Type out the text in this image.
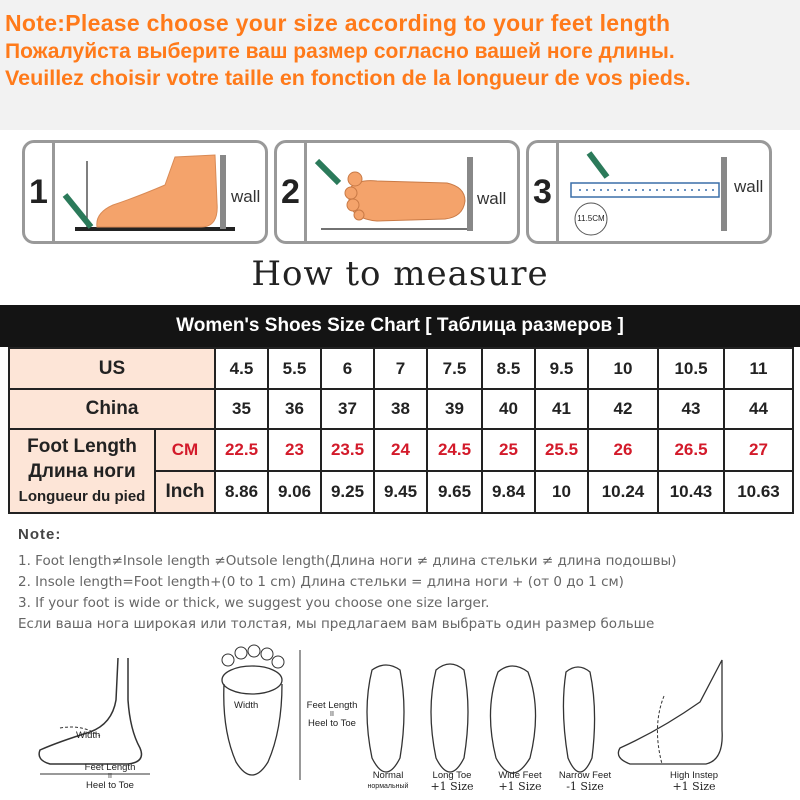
Note:Please choose your size according to your feet length
Пожалуйста выберите ваш размер согласно вашей ноге длины.
Veuillez choisir votre taille en fonction de la longueur de vos pieds.
1	wall 2	wall 3	wall
11.5CM
How to measure
Women's Shoes Size Chart [ Таблица размеров ]
US		4.5	5.5	6	7	7.5	8.5	9.5	10	10.5	11
China		35	36	37	38	39	40	41	42	43	44

Foot Length
Длина ноги
Longueur du pied	CM	22.5	23	23.5	24	24.5	25	25.5	26	26.5	27
	Inch	8.86	9.06	9.25	9.45	9.65	9.84	10	10.24	10.43	10.63
Note:
1. Foot length≠Insole length ≠Outsole length(Длина ноги ≠ длина стельки ≠ длина подошвы)
2. Insole length=Foot length+(0 to 1 cm) Длина стельки = длина ноги + (от 0 до 1 см)
3. If your foot is wide or thick, we suggest you choose one size larger.
Если ваша нога широкая или толстая, мы предлагаем вам выбрать один размер больше
Width
Feet Length
II
Heel to Toe
Width	Feet Length
II
Heel to Toe
Normal
нормальный
Long Toe
+1 Size
Wide Feet
+1 Size
Narrow Feet
-1 Size
High Instep
+1 Size
